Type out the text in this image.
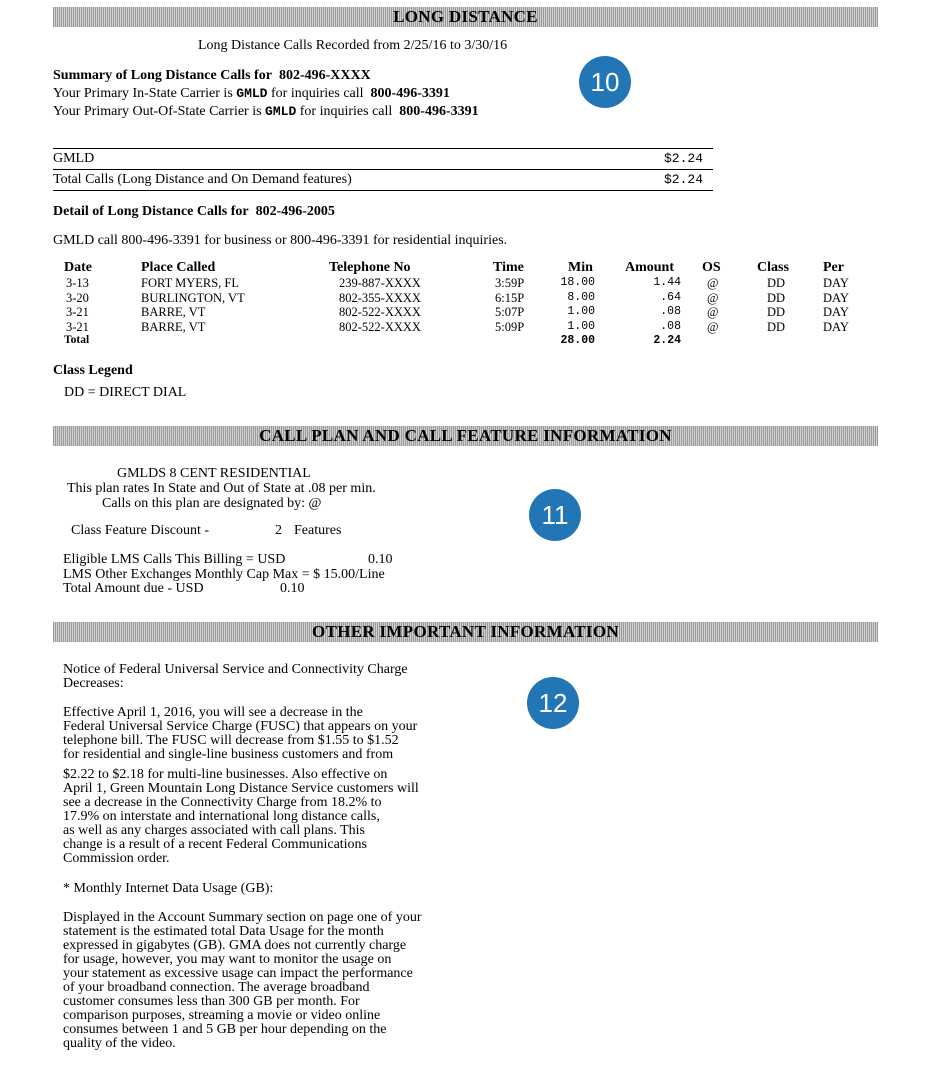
LONG DISTANCE
Long Distance Calls Recorded from 2/25/16 to 3/30/16
Summary of Long Distance Calls for 802-496-XXXX
Your Primary In-State Carrier is GMLD for inquiries call 800-496-3391
Your Primary Out-Of-State Carrier is GMLD for inquiries call 800-496-3391
10
GMLD	$2.24
Total Calls (Long Distance and On Demand features)	$2.24
Detail of Long Distance Calls for 802-496-2005
GMLD call 800-496-3391 for business or 800-496-3391 for residential inquiries.
Date	Place Called	Telephone No	Time	Min Amount OS	Class Per
3-13	FORT MYERS, FL	239-887-XXXX	3:59P	18.00	1.44 @	DD	DAY
3-20	BURLINGTON, VT	802-355-XXXX	6:15P	8.00	.64 @	DD	DAY
3-21	BARRE, VT	802-522-XXXX	5:07P	1.00	.08 @	DD	DAY
3-21	BARRE, VT	802-522-XXXX	5:09P	1.00	.08 @	DD	DAY
Total	28.00	2.24
Class Legend
DD = DIRECT DIAL
CALL PLAN AND CALL FEATURE INFORMATION
GMLDS 8 CENT RESIDENTIAL
This plan rates In State and Out of State at .08 per min.
Calls on this plan are designated by: @
Class Feature Discount -	2 Features
Eligible LMS Calls This Billing = USD	0.10
LMS Other Exchanges Monthly Cap Max = $ 15.00/Line
Total Amount due - USD	0.10
11
OTHER IMPORTANT INFORMATION
Notice of Federal Universal Service and Connectivity Charge
Decreases:
Effective April 1, 2016, you will see a decrease in the
Federal Universal Service Charge (FUSC) that appears on your
telephone bill. The FUSC will decrease from $1.55 to $1.52
for residential and single-line business customers and from
$2.22 to $2.18 for multi-line businesses. Also effective on
April 1, Green Mountain Long Distance Service customers will
see a decrease in the Connectivity Charge from 18.2% to
17.9% on interstate and international long distance calls,
as well as any charges associated with call plans. This
change is a result of a recent Federal Communications
Commission order.
* Monthly Internet Data Usage (GB):
Displayed in the Account Summary section on page one of your
statement is the estimated total Data Usage for the month
expressed in gigabytes (GB). GMA does not currently charge
for usage, however, you may want to monitor the usage on
your statement as excessive usage can impact the performance
of your broadband connection. The average broadband
customer consumes less than 300 GB per month. For
comparison purposes, streaming a movie or video online
consumes between 1 and 5 GB per hour depending on the
quality of the video.
12
